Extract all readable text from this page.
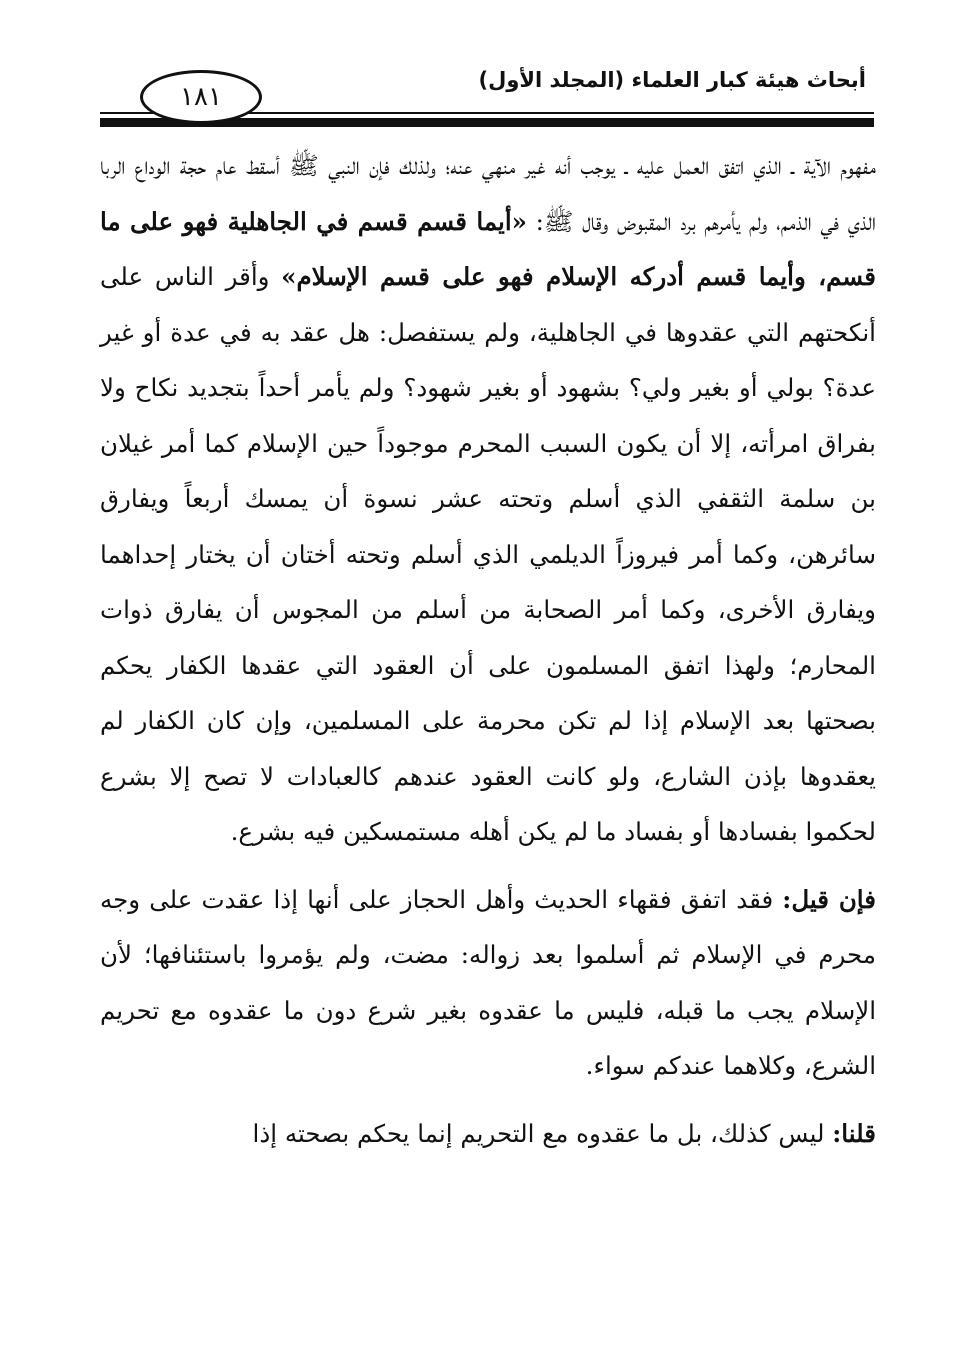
أبحاث هيئة كبار العلماء (المجلد الأول)
١٨١

مفهوم الآية ـ الذي اتفق العمل عليه ـ يوجب أنه غير منهي عنه؛ ولذلك فإن النبي ﷺ أسقط عام حجة الوداع الربا الذي في الذمم، ولم يأمرهم برد المقبوض وقال ﷺ: «أيما قسم قسم في الجاهلية فهو على ما قسم، وأيما قسم أدركه الإسلام فهو على قسم الإسلام» وأقر الناس على أنكحتهم التي عقدوها في الجاهلية، ولم يستفصل: هل عقد به في عدة أو غير عدة؟ بولي أو بغير ولي؟ بشهود أو بغير شهود؟ ولم يأمر أحداً بتجديد نكاح ولا بفراق امرأته، إلا أن يكون السبب المحرم موجوداً حين الإسلام كما أمر غيلان بن سلمة الثقفي الذي أسلم وتحته عشر نسوة أن يمسك أربعاً ويفارق سائرهن، وكما أمر فيروزاً الديلمي الذي أسلم وتحته أختان أن يختار إحداهما ويفارق الأخرى، وكما أمر الصحابة من أسلم من المجوس أن يفارق ذوات المحارم؛ ولهذا اتفق المسلمون على أن العقود التي عقدها الكفار يحكم بصحتها بعد الإسلام إذا لم تكن محرمة على المسلمين، وإن كان الكفار لم يعقدوها بإذن الشارع، ولو كانت العقود عندهم كالعبادات لا تصح إلا بشرع لحكموا بفسادها أو بفساد ما لم يكن أهله مستمسكين فيه بشرع.

فإن قيل: فقد اتفق فقهاء الحديث وأهل الحجاز على أنها إذا عقدت على وجه محرم في الإسلام ثم أسلموا بعد زواله: مضت، ولم يؤمروا باستئنافها؛ لأن الإسلام يجب ما قبله، فليس ما عقدوه بغير شرع دون ما عقدوه مع تحريم الشرع، وكلاهما عندكم سواء.

قلنا: ليس كذلك، بل ما عقدوه مع التحريم إنما يحكم بصحته إذا
